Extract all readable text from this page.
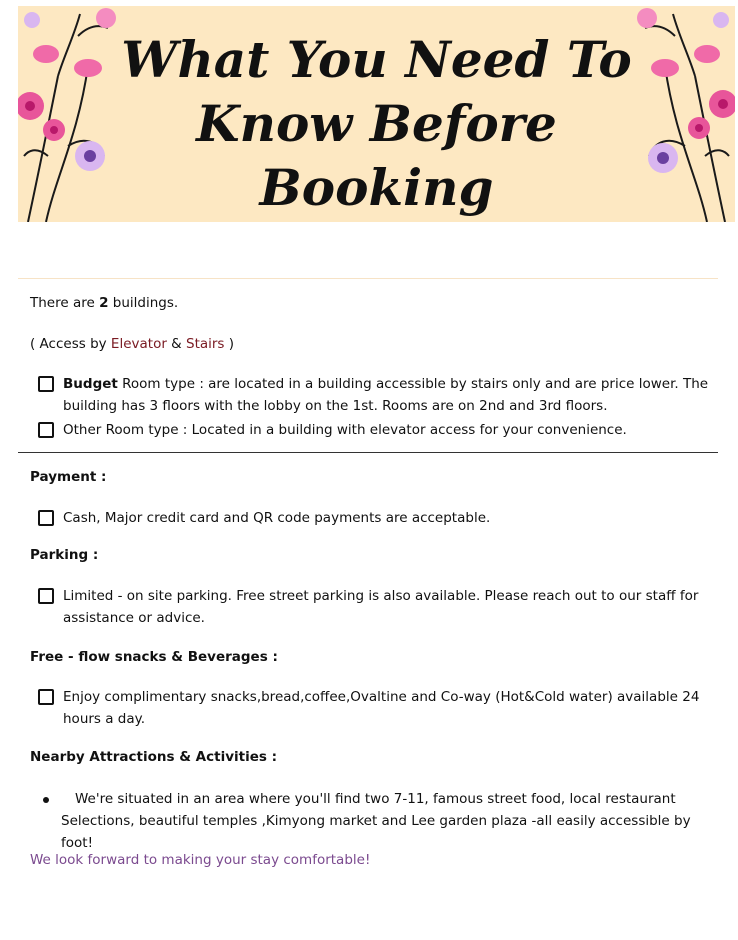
What You Need To
Know Before
Booking
There are 2 buildings.
( Access by Elevator & Stairs )
Budget Room type : are located in a building accessible by stairs only and are price lower. The building has 3 floors with the lobby on the 1st. Rooms are on 2nd and 3rd floors.
Other Room type : Located in a building with elevator access for your convenience.
Payment :
Cash, Major credit card and QR code payments are acceptable.
Parking :
Limited - on site parking. Free street parking is also available. Please reach out to our staff for assistance or advice.
Free - flow snacks & Beverages :
Enjoy complimentary snacks,bread,coffee,Ovaltine and Co-way (Hot&Cold water) available 24 hours a day.
Nearby Attractions & Activities :
We're situated in an area where you'll find two 7-11, famous street food, local restaurant Selections, beautiful temples ,Kimyong market and Lee garden plaza -all easily accessible by foot!
We look forward to making your stay comfortable!
